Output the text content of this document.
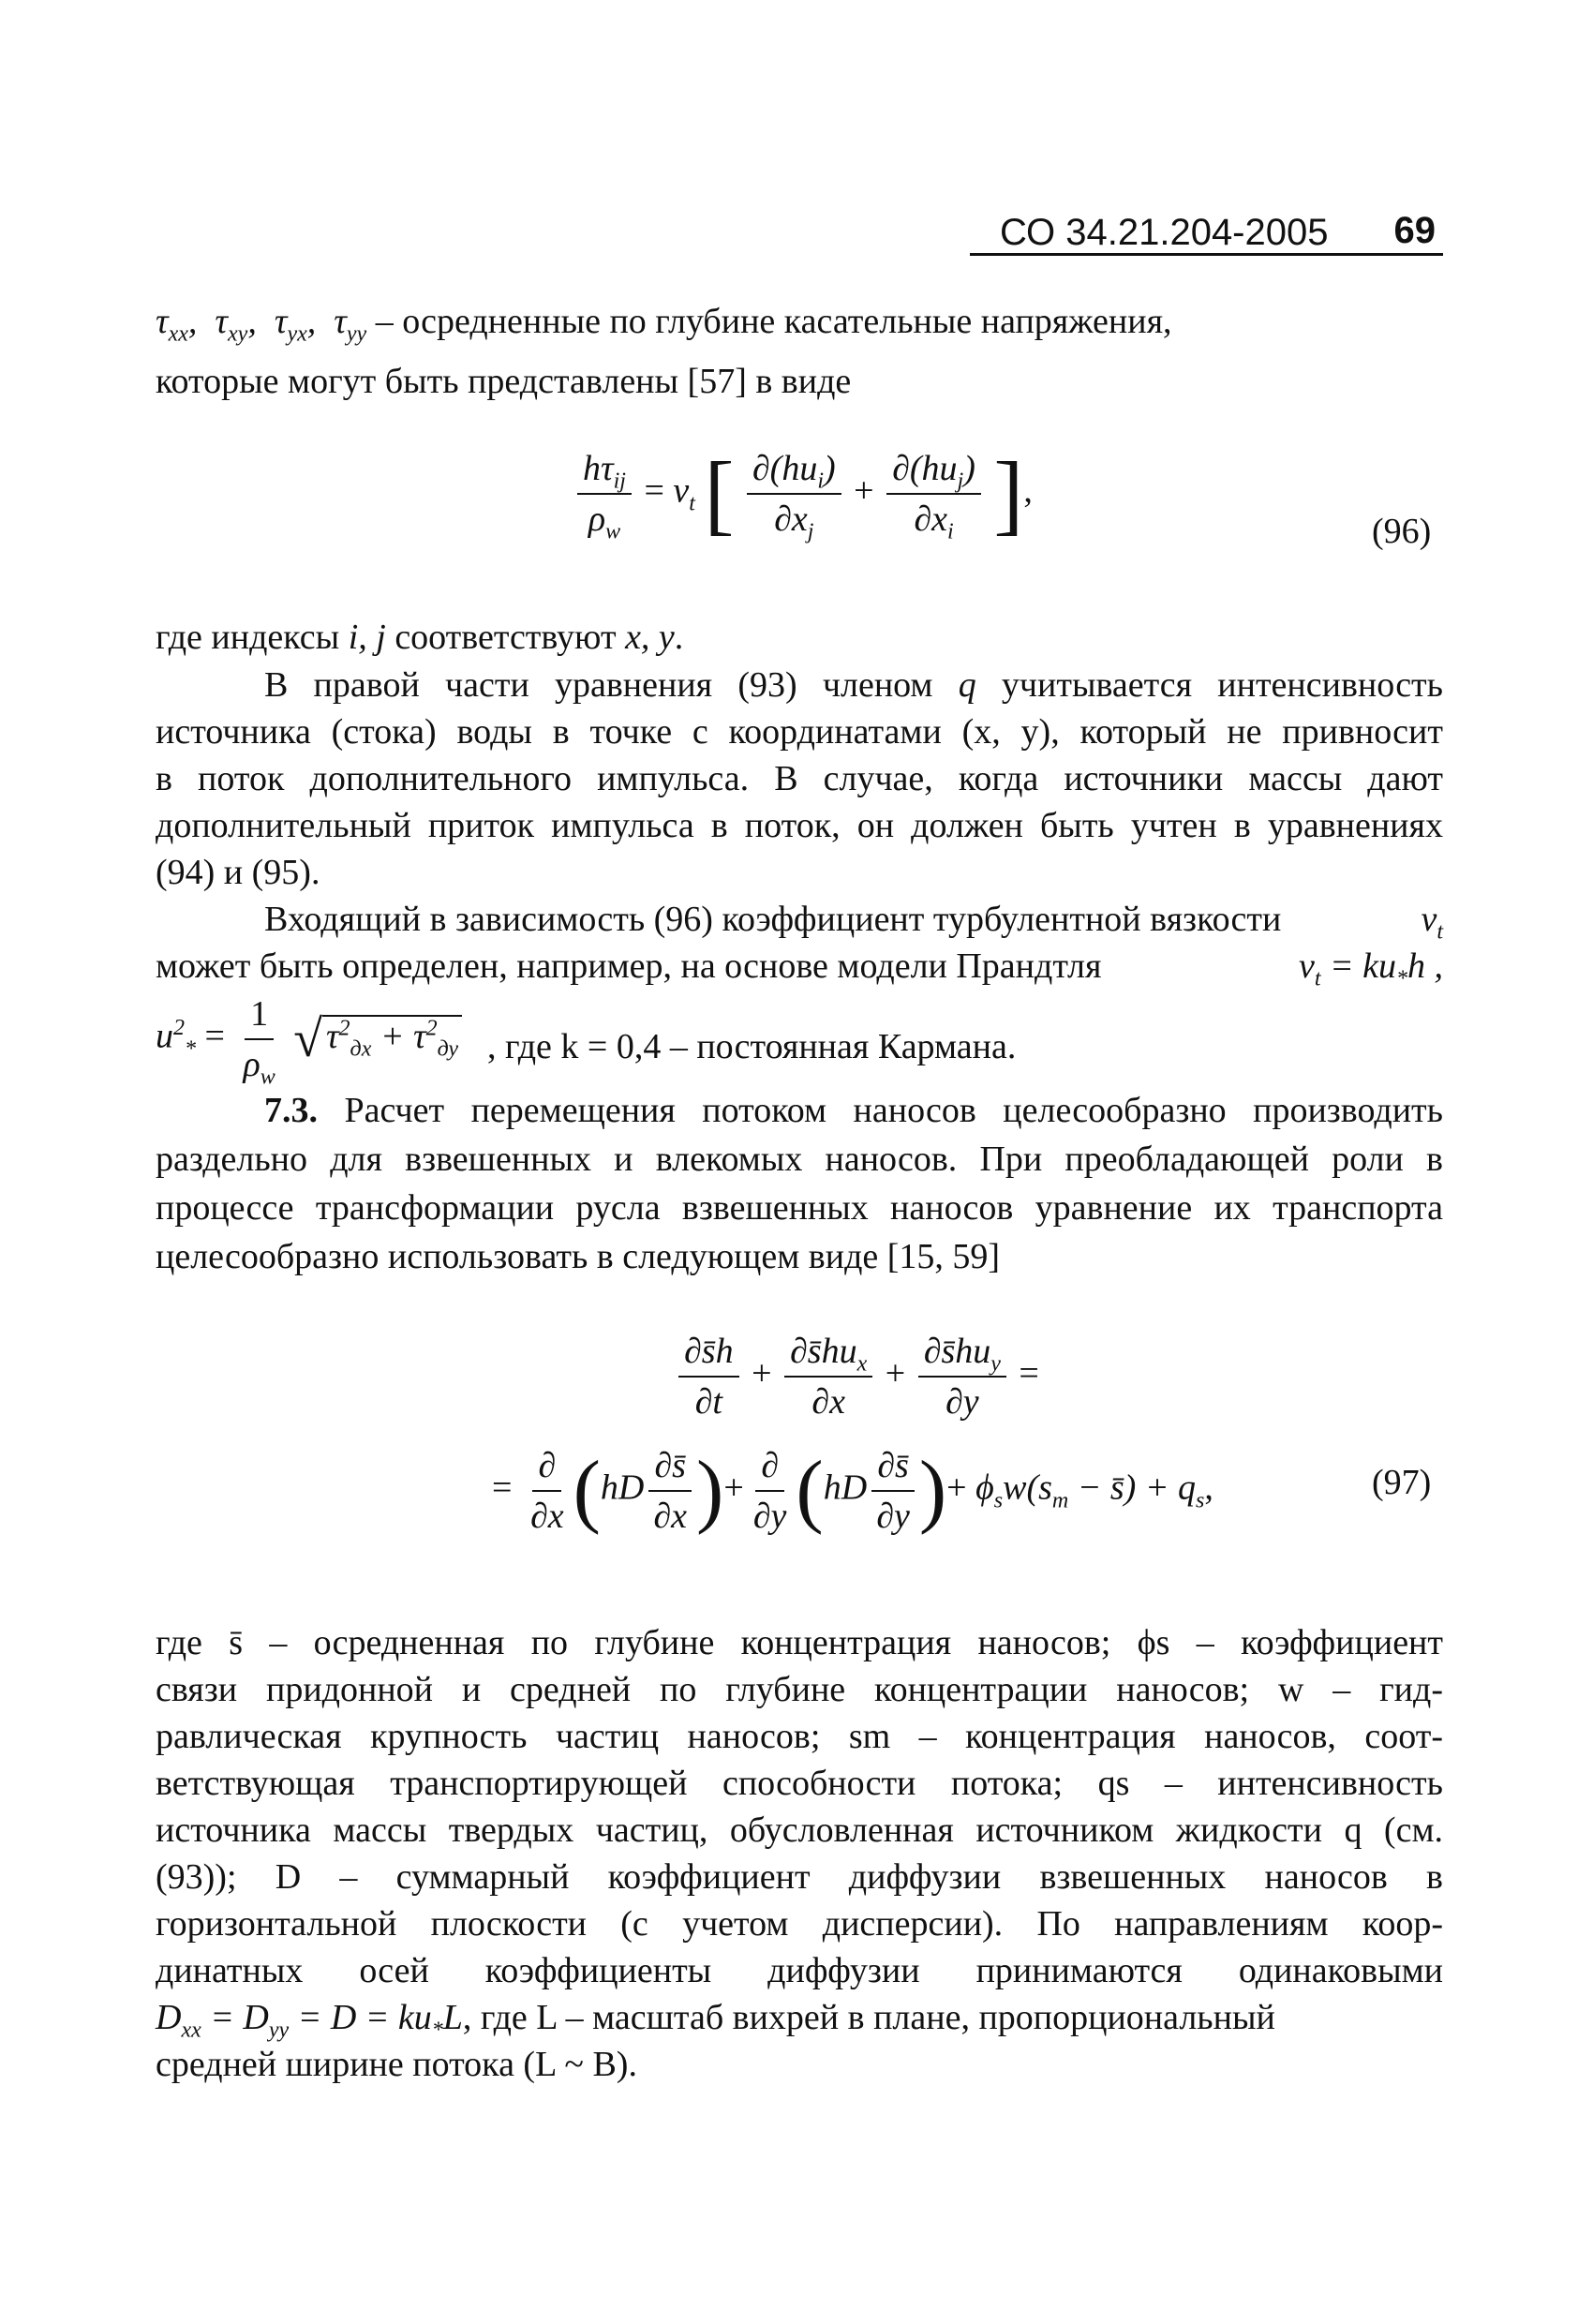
СО 34.21.204-2005 69
$\tau_{xx}$,  $\tau_{xy}$,  $\tau_{yx}$,  $\tau_{yy}$ – осредненные по глубине касательные напряжения,
которые могут быть представлены [57] в виде
$\frac{h\tau_{ij}}{\rho_w} = \nu_t$ [ $\frac{\partial(hu_i)}{\partial x_j} + \frac{\partial(hu_j)}{\partial x_i}$ ],
(96)
где индексы i, j соответствуют x, y.
В правой части уравнения (93) членом q учитывается интенсивность
источника (стока) воды в точке с координатами (x, y), который не привносит
в поток дополнительного импульса. В случае, когда источники массы дают
дополнительный приток импульса в поток, он должен быть учтен в уравнениях
(94) и (95).
Входящий в зависимость (96) коэффициент турбулентной вязкости	$\nu_t$
может быть определен, например, на основе модели Прандтля	$\nu_t = ku_*h$ ,
$u^2_* = \frac{1}{\rho_w}$ √ $\tau^2_{дх} + \tau^2_{ду}$ , где k = 0,4 – постоянная Кармана.
7.3. Расчет перемещения потоком наносов целесообразно производить
раздельно для взвешенных и влекомых наносов. При преобладающей роли в
процессе трансформации русла взвешенных наносов уравнение их транспорта
целесообразно использовать в следующем виде [15, 59]
$\frac{\partial s̄h}{\partial t} + \frac{\partial s̄hu_x}{\partial x} + \frac{\partial s̄hu_y}{\partial y}$ =
= $\frac{\partial}{\partial x} (hD \frac{\partial s̄}{\partial x}$ )+ $\frac{\partial}{\partial y} (hD \frac{\partial s̄}{\partial y}$ )+ $\phi_sw(s_m$ − s̄) + $q_s$,	(97)
где s̄ – осредненная по глубине концентрация наносов; ϕs – коэффициент
связи придонной и средней по глубине концентрации наносов; w – гид-
равлическая крупность частиц наносов; sm – концентрация наносов, соот-
ветствующая транспортирующей способности потока; qs – интенсивность
источника массы твердых частиц, обусловленная источником жидкости q (см.
(93)); D – суммарный коэффициент диффузии взвешенных наносов в
горизонтальной плоскости (с учетом дисперсии). По направлениям коор-
динатных осей коэффициенты диффузии принимаются одинаковыми
$D_{xx} = D_{yy} = D = ku_*L$, где L – масштаб вихрей в плане, пропорциональный
средней ширине потока (L ~ B).
